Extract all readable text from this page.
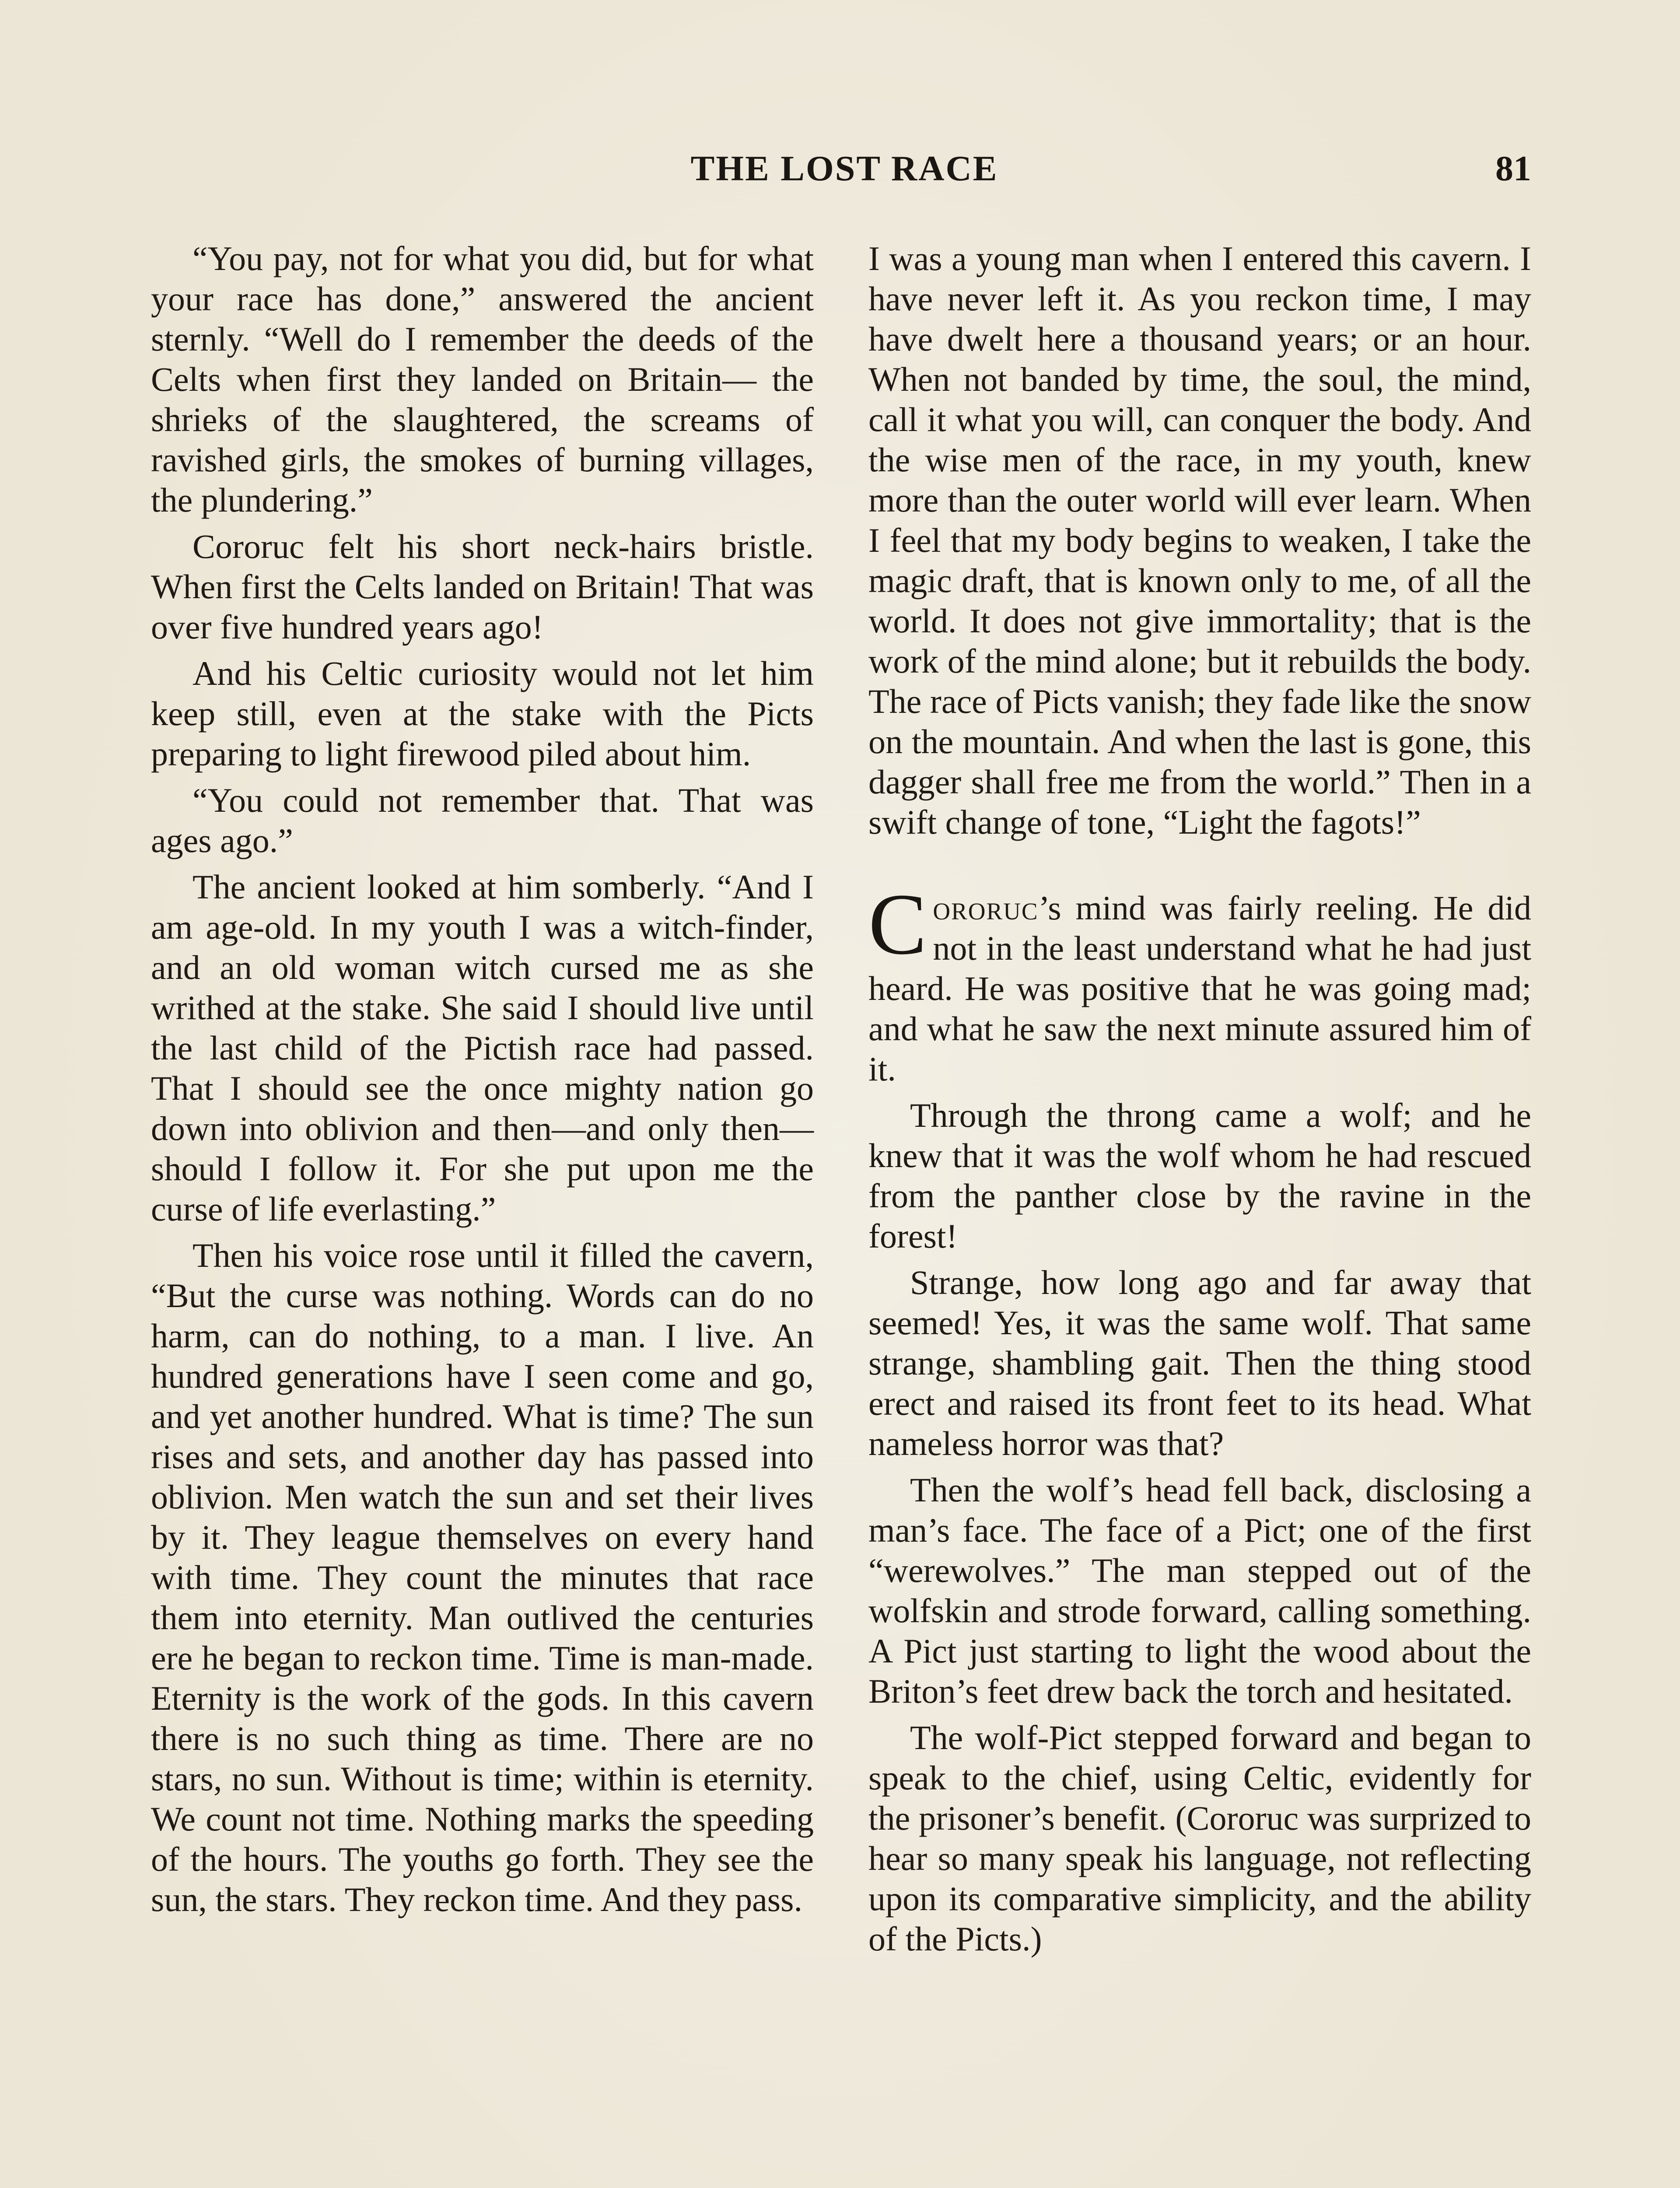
THE LOST RACE	81

“You pay, not for what you did, but for what your race has done,” answered the ancient sternly. “Well do I remember the deeds of the Celts when first they landed on Britain— the shrieks of the slaughtered, the screams of ravished girls, the smokes of burning villages, the plundering.”

Cororuc felt his short neck-hairs bristle. When first the Celts landed on Britain! That was over five hundred years ago!

And his Celtic curiosity would not let him keep still, even at the stake with the Picts preparing to light firewood piled about him.

“You could not remember that. That was ages ago.”

The ancient looked at him somberly. “And I am age-old. In my youth I was a witch-finder, and an old woman witch cursed me as she writhed at the stake. She said I should live until the last child of the Pictish race had passed. That I should see the once mighty nation go down into oblivion and then—and only then— should I follow it. For she put upon me the curse of life everlasting.”

Then his voice rose until it filled the cavern, “But the curse was nothing. Words can do no harm, can do nothing, to a man. I live. An hundred generations have I seen come and go, and yet another hundred. What is time? The sun rises and sets, and another day has passed into oblivion. Men watch the sun and set their lives by it. They league themselves on every hand with time. They count the minutes that race them into eternity. Man outlived the centuries ere he began to reckon time. Time is man-made. Eternity is the work of the gods. In this cavern there is no such thing as time. There are no stars, no sun. Without is time; within is eternity. We count not time. Nothing marks the speeding of the hours. The youths go forth. They see the sun, the stars. They reckon time. And they pass.

I was a young man when I entered this cavern. I have never left it. As you reckon time, I may have dwelt here a thousand years; or an hour. When not banded by time, the soul, the mind, call it what you will, can conquer the body. And the wise men of the race, in my youth, knew more than the outer world will ever learn. When I feel that my body begins to weaken, I take the magic draft, that is known only to me, of all the world. It does not give immortality; that is the work of the mind alone; but it rebuilds the body. The race of Picts vanish; they fade like the snow on the mountain. And when the last is gone, this dagger shall free me from the world.” Then in a swift change of tone, “Light the fagots!”

Cororuc’s mind was fairly reeling. He did not in the least understand what he had just heard. He was positive that he was going mad; and what he saw the next minute assured him of it.

Through the throng came a wolf; and he knew that it was the wolf whom he had rescued from the panther close by the ravine in the forest!

Strange, how long ago and far away that seemed! Yes, it was the same wolf. That same strange, shambling gait. Then the thing stood erect and raised its front feet to its head. What nameless horror was that?

Then the wolf’s head fell back, disclosing a man’s face. The face of a Pict; one of the first “werewolves.” The man stepped out of the wolfskin and strode forward, calling something. A Pict just starting to light the wood about the Briton’s feet drew back the torch and hesitated.

The wolf-Pict stepped forward and began to speak to the chief, using Celtic, evidently for the prisoner’s benefit. (Cororuc was surprized to hear so many speak his language, not reflecting upon its comparative simplicity, and the ability of the Picts.)
